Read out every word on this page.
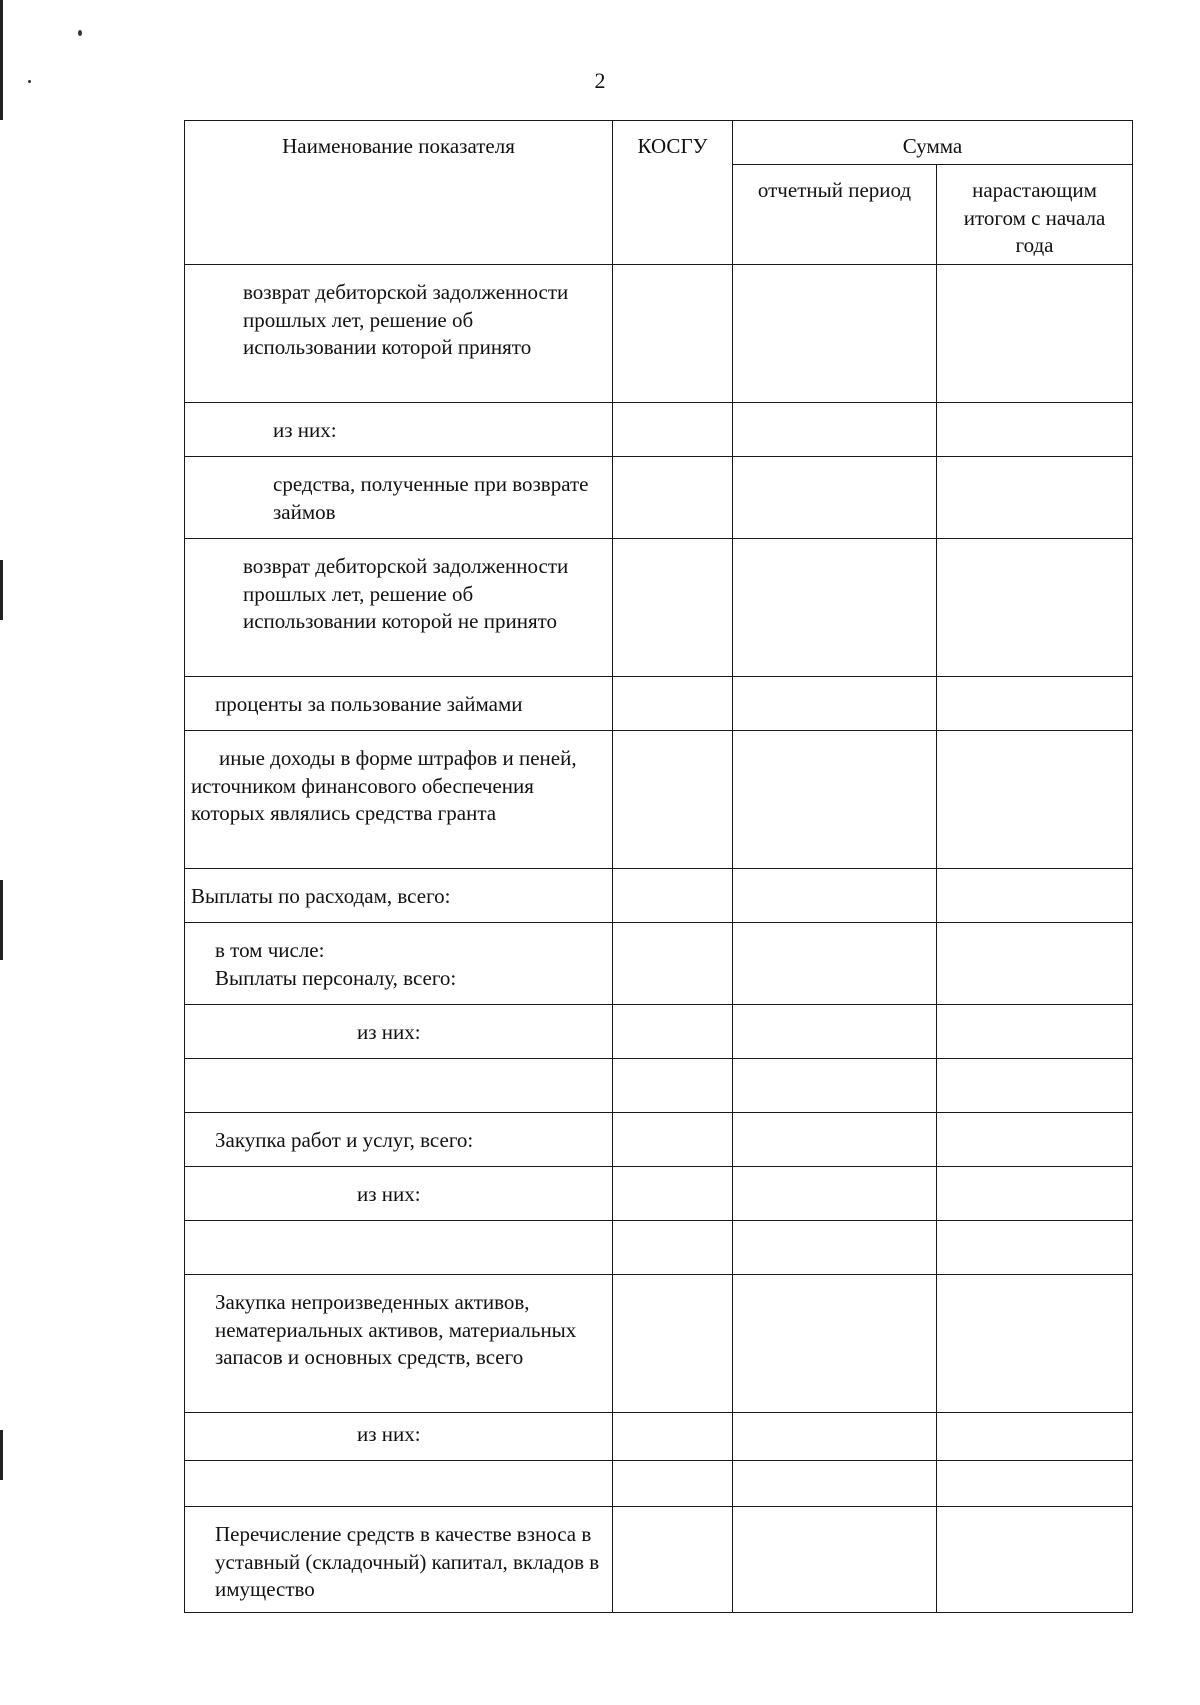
2
Наименование показателя	КОСГУ	Сумма	
		отчетный период	нарастающим итогом с начала года
возврат дебиторской задолженности прошлых лет, решение об использовании которой принято			
из них:			
средства, полученные при возврате займов			
возврат дебиторской задолженности прошлых лет, решение об использовании которой не принято			
проценты за пользование займами			
иные доходы в форме штрафов и пеней, источником финансового обеспечения которых являлись средства гранта			
Выплаты по расходам, всего:			

в том числе:
Выплаты персоналу, всего:			

из них:			

Закупка работ и услуг, всего:			
из них:			

Закупка непроизведенных активов, нематериальных активов, материальных запасов и основных средств, всего			
из них:			

Перечисление средств в качестве взноса в уставный (складочный) капитал, вкладов в имущество			
